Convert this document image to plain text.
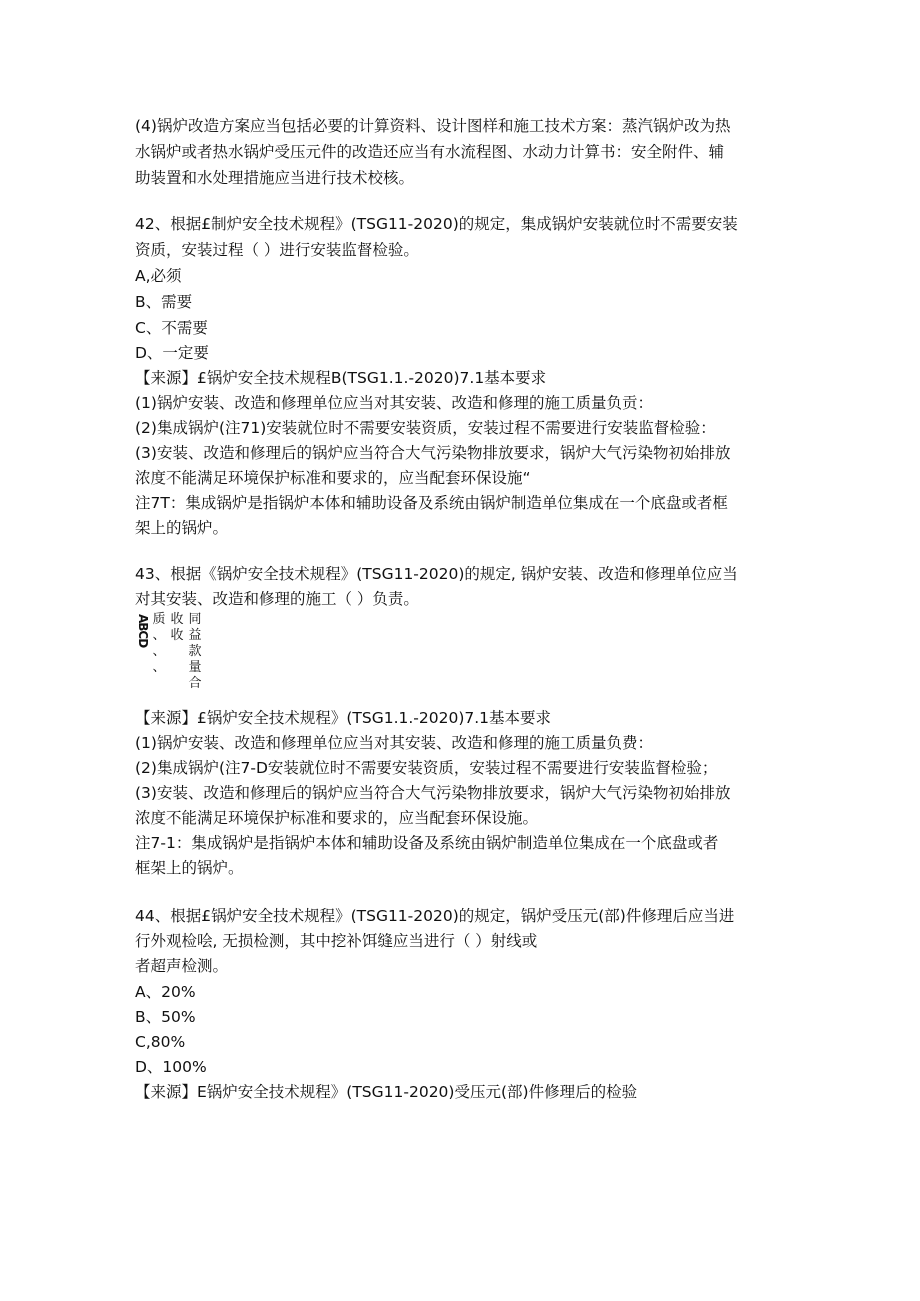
(4)锅炉改造方案应当包括必要的计算资料、设计图样和施工技术方案：蒸汽锅炉改为热
水锅炉或者热水锅炉受压元件的改造还应当有水流程图、水动力计算书：安全附件、辅
助装置和水处理措施应当进行技术校核。
42、根据£制炉安全技术规程》(TSG11-2020)的规定，集成锅炉安装就位时不需要安装
资质，安装过程（ ）进行安装监督检验。
A,必须
B、需要
C、不需要
D、一定要
【来源】£锅炉安全技术规程B(TSG1.1.-2020)7.1基本要求
(1)锅炉安装、改造和修理单位应当对其安装、改造和修理的施工质量负贡：
(2)集成锅炉(注71)安装就位时不需要安装资质，安装过程不需要进行安装监督检验：
(3)安装、改造和修理后的锅炉应当符合大气污染物排放要求，锅炉大气污染物初始排放
浓度不能满足环境保护标准和要求的，应当配套环保设施“
注7T：集成锅炉是指锅炉本体和辅助设备及系统由锅炉制造单位集成在一个底盘或者框
架上的锅炉。
43、根据《锅炉安全技术规程》(TSG11-2020)的规定, 锅炉安装、改造和修理单位应当
对其安装、改造和修理的施工（ ）负责。
【来源】£锅炉安全技术规程》(TSG1.1.-2020)7.1基本要求
(1)锅炉安装、改造和修理单位应当对其安装、改造和修理的施工质量负费：
(2)集成锅炉(注7-D安装就位时不需要安装资质，安装过程不需要进行安装监督检验；
(3)安装、改造和修理后的锅炉应当符合大气污染物排放要求，锅炉大气污染物初始排放
浓度不能满足环境保护标准和要求的，应当配套环保设施。
注7-1：集成锅炉是指锅炉本体和辅助设备及系统由锅炉制造单位集成在一个底盘或者
框架上的锅炉。
44、根据£锅炉安全技术规程》(TSG11-2020)的规定，锅炉受压元(部)件修理后应当进
行外观检哙, 无损检测，其中挖补饵缝应当进行（ ）射线或
者超声检测。
A、20%
B、50%
C,80%
D、100%
【来源】E锅炉安全技术规程》(TSG11-2020)受压元(部)件修理后的检验
ABCD 质
、
、
、
收
收
同
益
款
量
合
